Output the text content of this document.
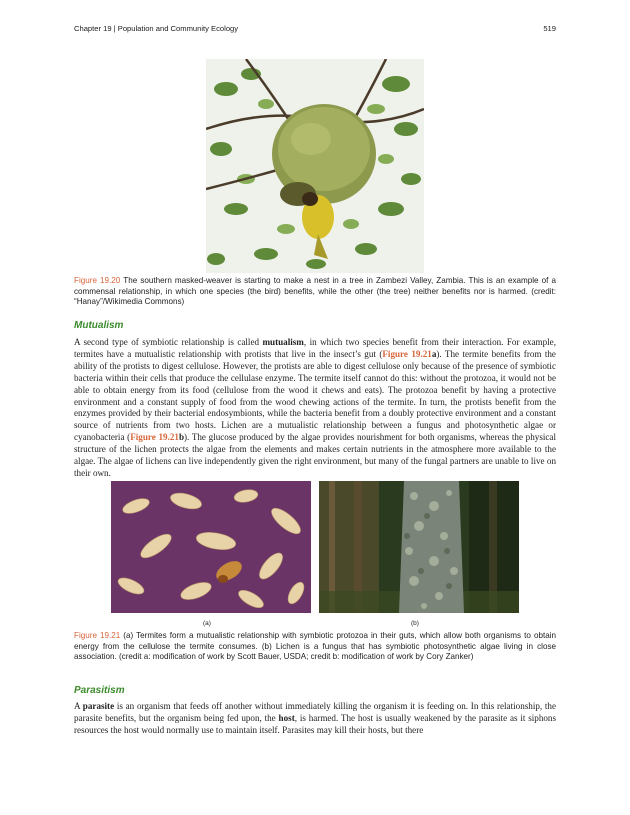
Chapter 19 | Population and Community Ecology	519
Figure 19.20 The southern masked-weaver is starting to make a nest in a tree in Zambezi Valley, Zambia. This is an example of a commensal relationship, in which one species (the bird) benefits, while the other (the tree) neither benefits nor is harmed. (credit: “Hanay”/Wikimedia Commons)
Mutualism
A second type of symbiotic relationship is called mutualism, in which two species benefit from their interaction. For example, termites have a mutualistic relationship with protists that live in the insect’s gut (Figure 19.21a). The termite benefits from the ability of the protists to digest cellulose. However, the protists are able to digest cellulose only because of the presence of symbiotic bacteria within their cells that produce the cellulase enzyme. The termite itself cannot do this: without the protozoa, it would not be able to obtain energy from its food (cellulose from the wood it chews and eats). The protozoa benefit by having a protective environment and a constant supply of food from the wood chewing actions of the termite. In turn, the protists benefit from the enzymes provided by their bacterial endosymbionts, while the bacteria benefit from a doubly protective environment and a constant source of nutrients from two hosts. Lichen are a mutualistic relationship between a fungus and photosynthetic algae or cyanobacteria (Figure 19.21b). The glucose produced by the algae provides nourishment for both organisms, whereas the physical structure of the lichen protects the algae from the elements and makes certain nutrients in the atmosphere more available to the algae. The algae of lichens can live independently given the right environment, but many of the fungal partners are unable to live on their own.
(a)	(b)
Figure 19.21 (a) Termites form a mutualistic relationship with symbiotic protozoa in their guts, which allow both organisms to obtain energy from the cellulose the termite consumes. (b) Lichen is a fungus that has symbiotic photosynthetic algae living in close association. (credit a: modification of work by Scott Bauer, USDA; credit b: modification of work by Cory Zanker)
Parasitism
A parasite is an organism that feeds off another without immediately killing the organism it is feeding on. In this relationship, the parasite benefits, but the organism being fed upon, the host, is harmed. The host is usually weakened by the parasite as it siphons resources the host would normally use to maintain itself. Parasites may kill their hosts, but there
